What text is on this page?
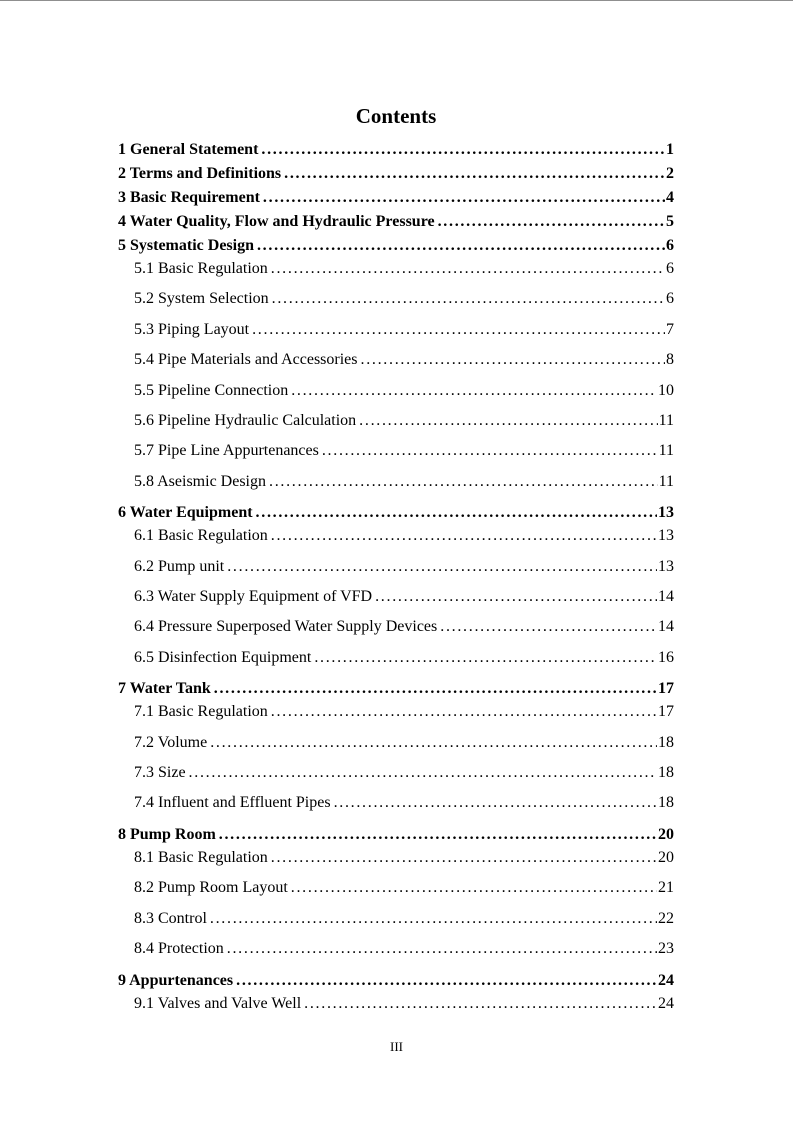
Contents
1 General Statement .....	1
2 Terms and Definitions .....	2
3 Basic Requirement .....	4
4 Water Quality, Flow and Hydraulic Pressure .....	5
5 Systematic Design .....	6
5.1 Basic Regulation .....	6
5.2 System Selection .....	6
5.3 Piping Layout .....	7
5.4 Pipe Materials and Accessories .....	8
5.5 Pipeline Connection .....	10
5.6 Pipeline Hydraulic Calculation .....	11
5.7 Pipe Line Appurtenances .....	11
5.8 Aseismic Design .....	11
6 Water Equipment .....	13
6.1 Basic Regulation .....	13
6.2 Pump unit .....	13
6.3 Water Supply Equipment of VFD .....	14
6.4 Pressure Superposed Water Supply Devices .....	14
6.5 Disinfection Equipment .....	16
7 Water Tank .....	17
7.1 Basic Regulation .....	17
7.2 Volume .....	18
7.3 Size .....	18
7.4 Influent and Effluent Pipes .....	18
8 Pump Room .....	20
8.1 Basic Regulation .....	20
8.2 Pump Room Layout .....	21
8.3 Control .....	22
8.4 Protection .....	23
9 Appurtenances .....	24
9.1 Valves and Valve Well .....	24
III
